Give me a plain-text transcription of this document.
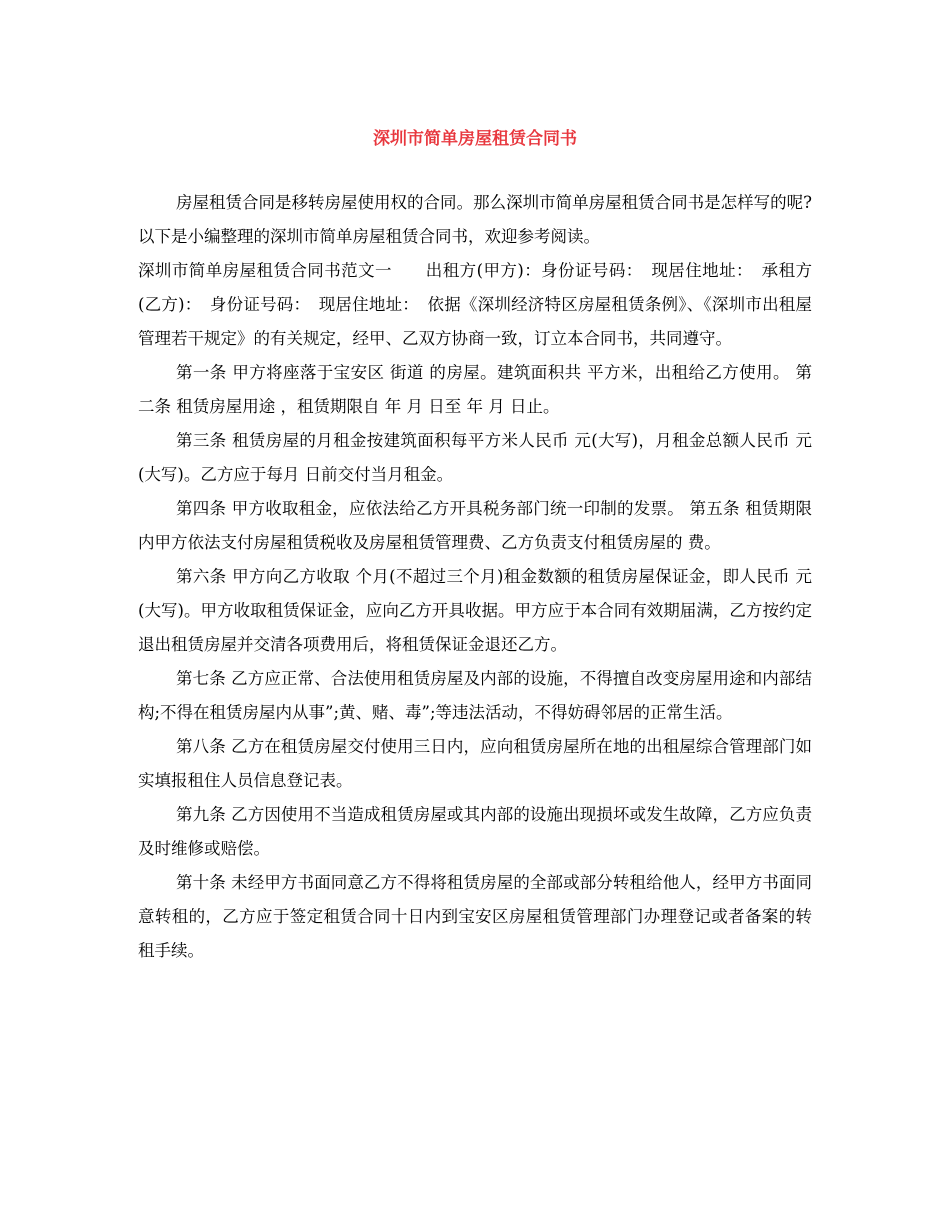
深圳市简单房屋租赁合同书

房屋租赁合同是移转房屋使用权的合同。那么深圳市简单房屋租赁合同书是怎样写的呢?以下是小编整理的深圳市简单房屋租赁合同书，欢迎参考阅读。

深圳市简单房屋租赁合同书范文一　　出租方(甲方)：身份证号码：　现居住地址：　承租方(乙方)：　身份证号码：　现居住地址：　依据《深圳经济特区房屋租赁条例》、《深圳市出租屋管理若干规定》的有关规定，经甲、乙双方协商一致，订立本合同书，共同遵守。

第一条 甲方将座落于宝安区 街道 的房屋。建筑面积共 平方米，出租给乙方使用。 第二条 租赁房屋用途 ，租赁期限自 年 月 日至 年 月 日止。

第三条 租赁房屋的月租金按建筑面积每平方米人民币 元(大写)，月租金总额人民币 元(大写)。乙方应于每月 日前交付当月租金。

第四条 甲方收取租金，应依法给乙方开具税务部门统一印制的发票。 第五条 租赁期限内甲方依法支付房屋租赁税收及房屋租赁管理费、乙方负责支付租赁房屋的 费。

第六条 甲方向乙方收取 个月(不超过三个月)租金数额的租赁房屋保证金，即人民币 元(大写)。甲方收取租赁保证金，应向乙方开具收据。甲方应于本合同有效期届满，乙方按约定退出租赁房屋并交清各项费用后，将租赁保证金退还乙方。

第七条 乙方应正常、合法使用租赁房屋及内部的设施，不得擅自改变房屋用途和内部结构;不得在租赁房屋内从事”;黄、赌、毒”;等违法活动，不得妨碍邻居的正常生活。

第八条 乙方在租赁房屋交付使用三日内，应向租赁房屋所在地的出租屋综合管理部门如实填报租住人员信息登记表。

第九条 乙方因使用不当造成租赁房屋或其内部的设施出现损坏或发生故障，乙方应负责及时维修或赔偿。

第十条 未经甲方书面同意乙方不得将租赁房屋的全部或部分转租给他人，经甲方书面同意转租的，乙方应于签定租赁合同十日内到宝安区房屋租赁管理部门办理登记或者备案的转租手续。
